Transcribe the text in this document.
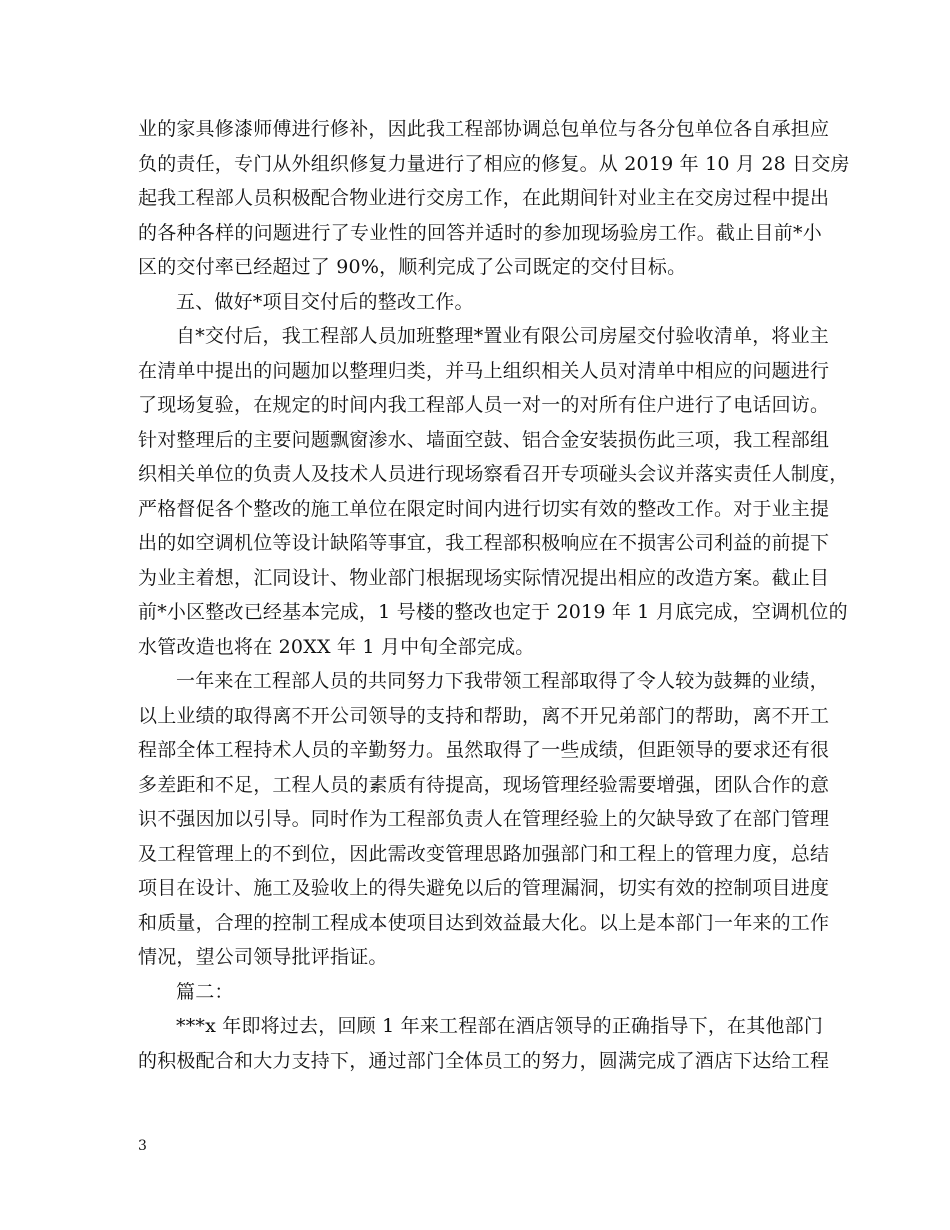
业的家具修漆师傅进行修补，因此我工程部协调总包单位与各分包单位各自承担应
负的责任，专门从外组织修复力量进行了相应的修复。从 2019 年 10 月 28 日交房
起我工程部人员积极配合物业进行交房工作，在此期间针对业主在交房过程中提出
的各种各样的问题进行了专业性的回答并适时的参加现场验房工作。截止目前*小
区的交付率已经超过了 90%，顺利完成了公司既定的交付目标。
五、做好*项目交付后的整改工作。
自*交付后，我工程部人员加班整理*置业有限公司房屋交付验收清单，将业主
在清单中提出的问题加以整理归类，并马上组织相关人员对清单中相应的问题进行
了现场复验，在规定的时间内我工程部人员一对一的对所有住户进行了电话回访。
针对整理后的主要问题飘窗渗水、墙面空鼓、铝合金安装损伤此三项，我工程部组
织相关单位的负责人及技术人员进行现场察看召开专项碰头会议并落实责任人制度，
严格督促各个整改的施工单位在限定时间内进行切实有效的整改工作。对于业主提
出的如空调机位等设计缺陷等事宜，我工程部积极响应在不损害公司利益的前提下
为业主着想，汇同设计、物业部门根据现场实际情况提出相应的改造方案。截止目
前*小区整改已经基本完成，1 号楼的整改也定于 2019 年 1 月底完成，空调机位的
水管改造也将在 20XX 年 1 月中旬全部完成。
一年来在工程部人员的共同努力下我带领工程部取得了令人较为鼓舞的业绩，
以上业绩的取得离不开公司领导的支持和帮助，离不开兄弟部门的帮助，离不开工
程部全体工程持术人员的辛勤努力。虽然取得了一些成绩，但距领导的要求还有很
多差距和不足，工程人员的素质有待提高，现场管理经验需要增强，团队合作的意
识不强因加以引导。同时作为工程部负责人在管理经验上的欠缺导致了在部门管理
及工程管理上的不到位，因此需改变管理思路加强部门和工程上的管理力度，总结
项目在设计、施工及验收上的得失避免以后的管理漏洞，切实有效的控制项目进度
和质量，合理的控制工程成本使项目达到效益最大化。以上是本部门一年来的工作
情况，望公司领导批评指证。
篇二：
***x 年即将过去，回顾 1 年来工程部在酒店领导的正确指导下，在其他部门
的积极配合和大力支持下，通过部门全体员工的努力，圆满完成了酒店下达给工程
3
